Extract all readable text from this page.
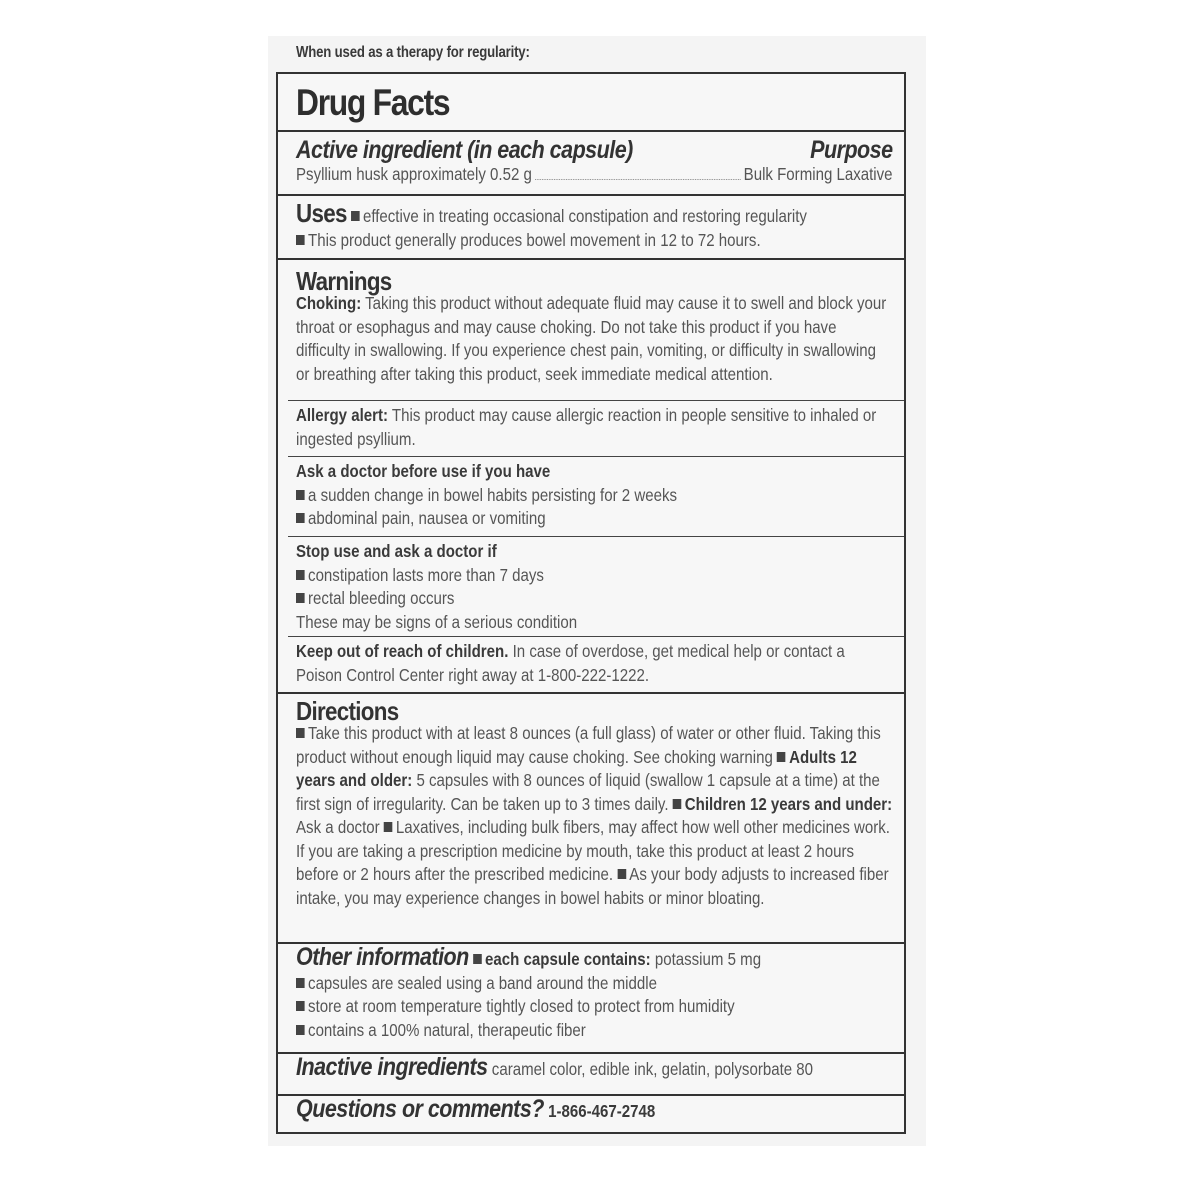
When used as a therapy for regularity:
Drug Facts
Active ingredient (in each capsule)	Purpose
Psyllium husk approximately 0.52 g	Bulk Forming Laxative
Uses effective in treating occasional constipation and restoring regularity
This product generally produces bowel movement in 12 to 72 hours.
Warnings
Choking: Taking this product without adequate fluid may cause it to swell and block your throat or esophagus and may cause choking. Do not take this product if you have difficulty in swallowing. If you experience chest pain, vomiting, or difficulty in swallowing or breathing after taking this product, seek immediate medical attention.
Allergy alert: This product may cause allergic reaction in people sensitive to inhaled or ingested psyllium.
Ask a doctor before use if you have
a sudden change in bowel habits persisting for 2 weeks
abdominal pain, nausea or vomiting
Stop use and ask a doctor if
constipation lasts more than 7 days
rectal bleeding occurs
These may be signs of a serious condition
Keep out of reach of children. In case of overdose, get medical help or contact a Poison Control Center right away at 1-800-222-1222.
Directions
Take this product with at least 8 ounces (a full glass) of water or other fluid. Taking this product without enough liquid may cause choking. See choking warning Adults 12 years and older: 5 capsules with 8 ounces of liquid (swallow 1 capsule at a time) at the first sign of irregularity. Can be taken up to 3 times daily. Children 12 years and under: Ask a doctor Laxatives, including bulk fibers, may affect how well other medicines work. If you are taking a prescription medicine by mouth, take this product at least 2 hours before or 2 hours after the prescribed medicine. As your body adjusts to increased fiber intake, you may experience changes in bowel habits or minor bloating.
Other information each capsule contains: potassium 5 mg
capsules are sealed using a band around the middle
store at room temperature tightly closed to protect from humidity
contains a 100% natural, therapeutic fiber
Inactive ingredients caramel color, edible ink, gelatin, polysorbate 80
Questions or comments? 1-866-467-2748
